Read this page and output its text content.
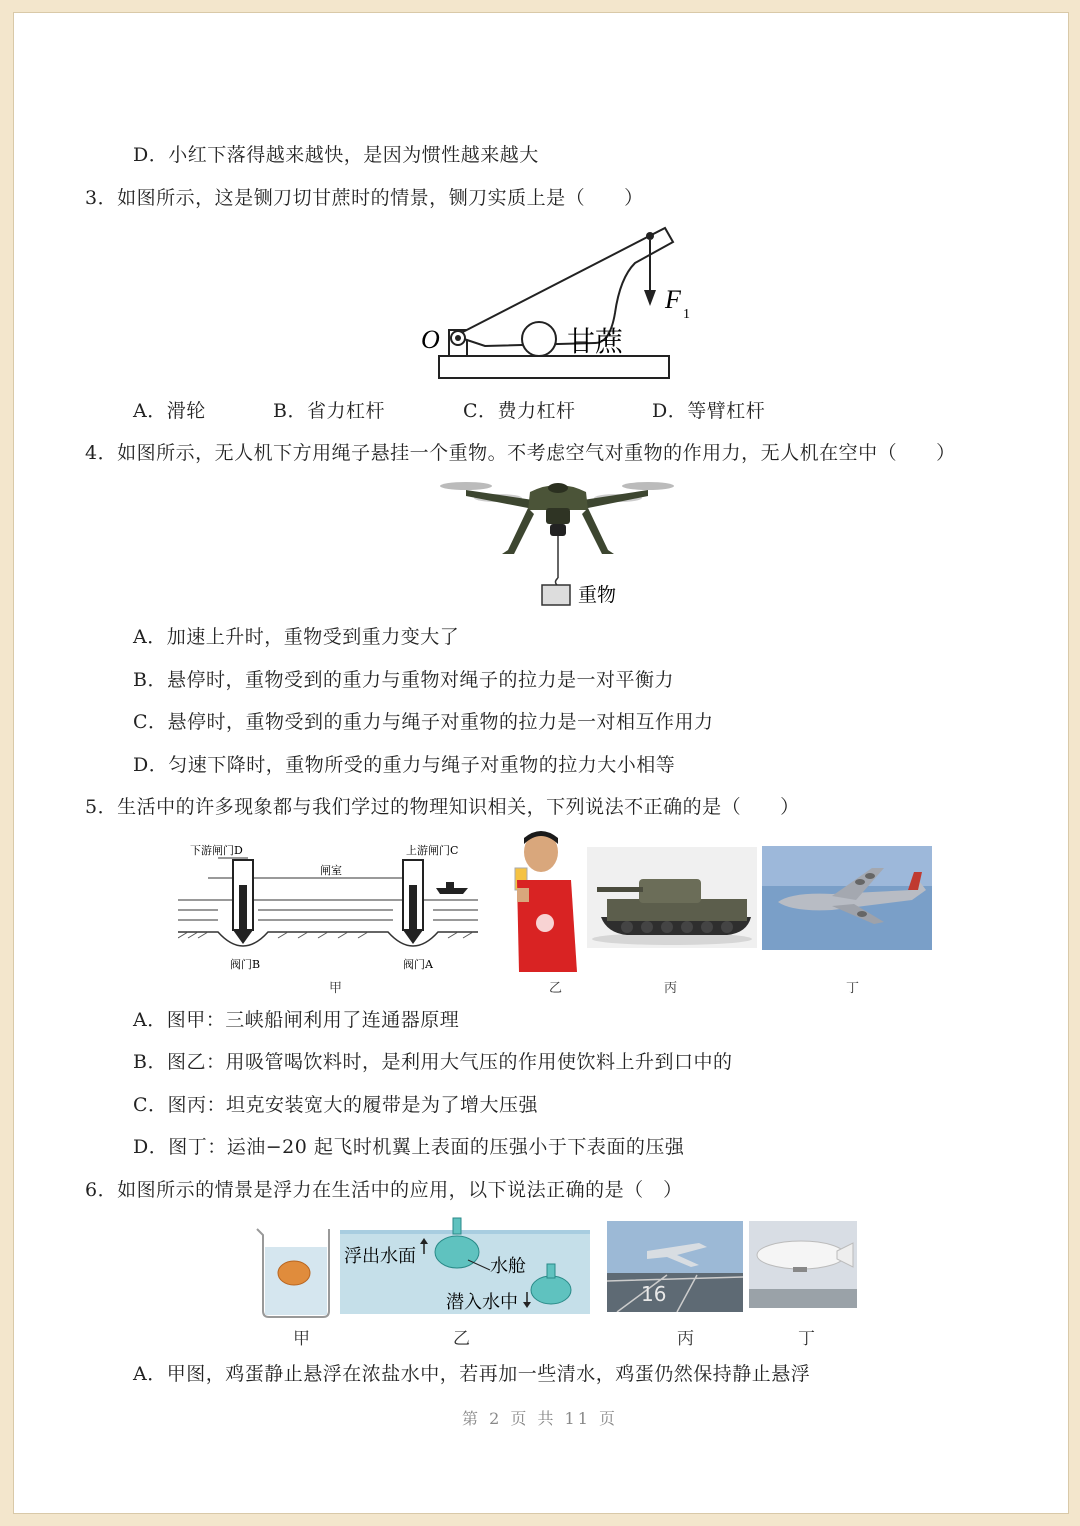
D．小红下落得越来越快，是因为惯性越来越大
3．如图所示，这是铡刀切甘蔗时的情景，铡刀实质上是（　　）
O
F
1
甘蔗
A．滑轮	B．省力杠杆	C．费力杠杆	D．等臂杠杆
4．如图所示，无人机下方用绳子悬挂一个重物。不考虑空气对重物的作用力，无人机在空中（　　）
重物
A．加速上升时，重物受到重力变大了
B．悬停时，重物受到的重力与重物对绳子的拉力是一对平衡力
C．悬停时，重物受到的重力与绳子对重物的拉力是一对相互作用力
D．匀速下降时，重物所受的重力与绳子对重物的拉力大小相等
5．生活中的许多现象都与我们学过的物理知识相关，下列说法不正确的是（　　）
下游闸门D	上游闸门C
闸室
阀门B	阀门A
甲	乙	丙	丁
A．图甲：三峡船闸利用了连通器原理
B．图乙：用吸管喝饮料时，是利用大气压的作用使饮料上升到口中的
C．图丙：坦克安装宽大的履带是为了增大压强
D．图丁：运油−20 起飞时机翼上表面的压强小于下表面的压强
6．如图所示的情景是浮力在生活中的应用，以下说法正确的是（　）
浮出水面	水舱
潜入水中	16
甲	乙	丙	丁
A．甲图，鸡蛋静止悬浮在浓盐水中，若再加一些清水，鸡蛋仍然保持静止悬浮
第 2 页 共 11 页
